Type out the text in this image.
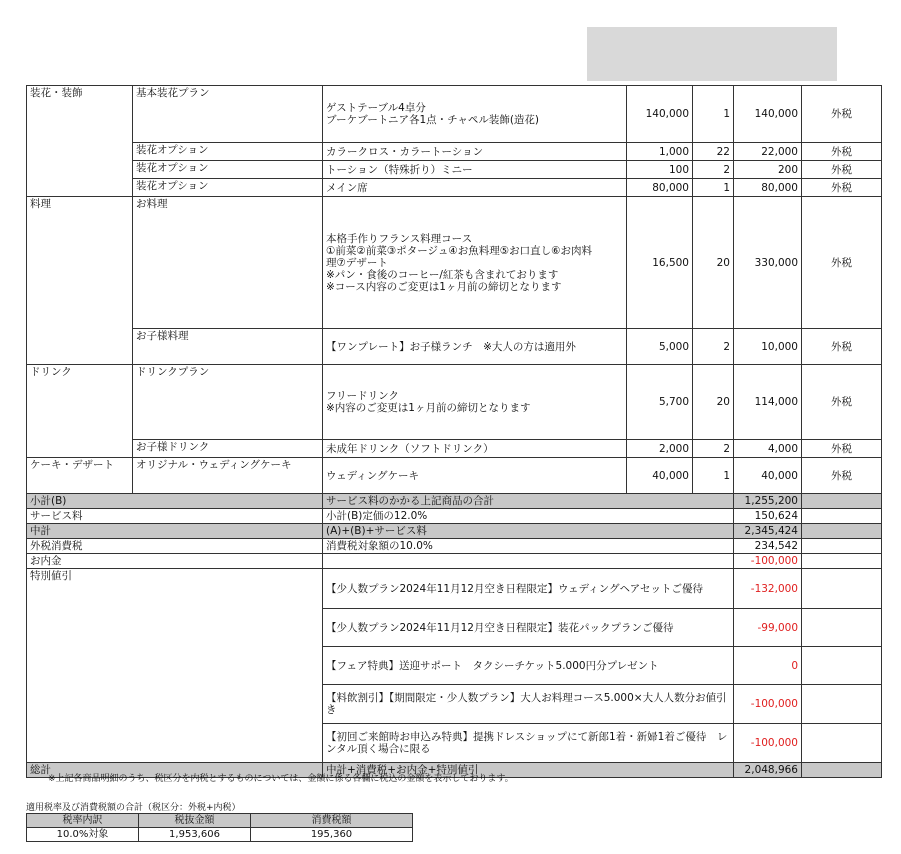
装花・装飾	基本装花プラン	ゲストテーブル4卓分
ブーケブートニア各1点・チャペル装飾(造花)	140,000	1	140,000	外税
	装花オプション	カラークロス・カラートーション	1,000	22	22,000	外税
	装花オプション	トーション（特殊折り）ミニー	100	2	200	外税
	装花オプション	メイン席	80,000	1	80,000	外税
料理	お料理	本格手作りフランス料理コース
①前菜②前菜③ポタージュ④お魚料理⑤お口直し⑥お肉料
理⑦デザート
※パン・食後のコーヒー/紅茶も含まれております
※コース内容のご変更は1ヶ月前の締切となります	16,500	20	330,000	外税
	お子様料理	【ワンプレート】お子様ランチ　※大人の方は適用外	5,000	2	10,000	外税
ドリンク	ドリンクプラン	フリードリンク
※内容のご変更は1ヶ月前の締切となります	5,700	20	114,000	外税
	お子様ドリンク	未成年ドリンク（ソフトドリンク）	2,000	2	4,000	外税
ケーキ・デザート	オリジナル・ウェディングケーキ	ウェディングケーキ	40,000	1	40,000	外税
小計(B)		サービス料のかかる上記商品の合計			1,255,200	
サービス料		小計(B)定価の12.0%			150,624	
中計		(A)+(B)+サービス料			2,345,424	
外税消費税		消費税対象額の10.0%			234,542	
お内金					-100,000	
特別値引		【少人数プラン2024年11月12月空き日程限定】ウェディングヘアセットご優待			-132,000	
		【少人数プラン2024年11月12月空き日程限定】装花パックプランご優待			-99,000	
		【フェア特典】送迎サポート　タクシーチケット5.000円分プレゼント			0	
		【料飲割引】【期間限定・少人数プラン】大人お料理コース5.000×大人人数分お値引き			-100,000	
		【初回ご来館時お申込み特典】提携ドレスショップにて新郎1着・新婦1着ご優待　レンタル頂く場合に限る			-100,000	
総計		中計+消費税+お内金+特別値引			2,048,966	
※上記各商品明細のうち、税区分を内税とするものについては、金額に係る各欄に税込の金額を表示しております。
適用税率及び消費税額の合計（税区分：外税+内税）
税率内訳	税抜金額	消費税額
10.0%対象	1,953,606	195,360
